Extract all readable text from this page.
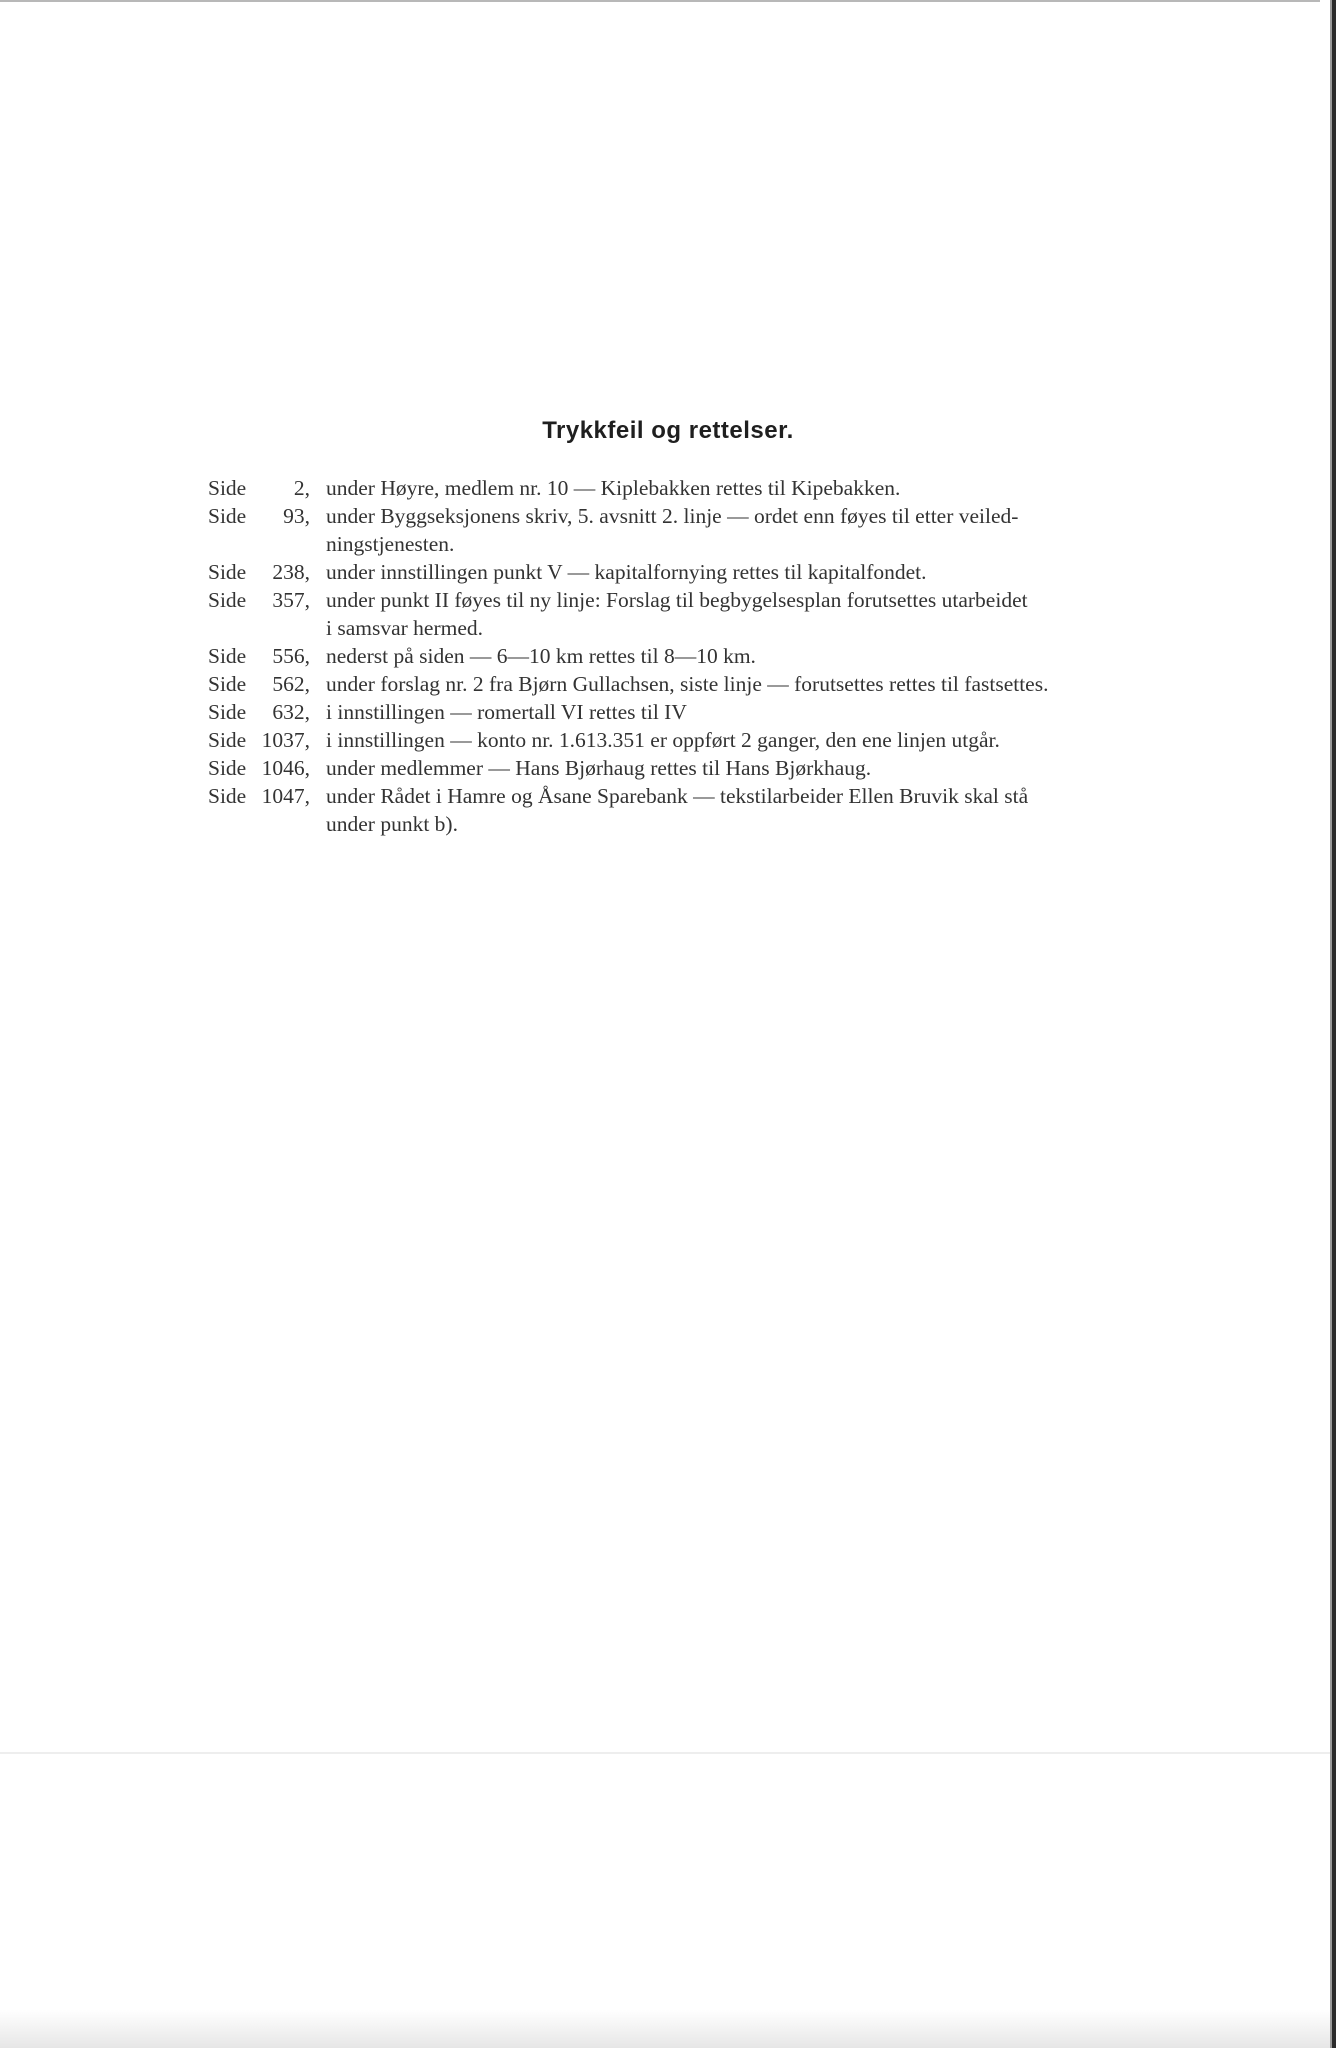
Trykkfeil og rettelser.
Side	2, under Høyre, medlem nr. 10 — Kiplebakken rettes til Kipebakken.
Side	93, under Byggseksjonens skriv, 5. avsnitt 2. linje — ordet enn føyes til etter veiled-
ningstjenesten.
Side	238, under innstillingen punkt V — kapitalfornying rettes til kapitalfondet.
Side	357, under punkt II føyes til ny linje: Forslag til begbygelsesplan forutsettes utarbeidet
i samsvar hermed.
Side	556, nederst på siden — 6—10 km rettes til 8—10 km.
Side	562, under forslag nr. 2 fra Bjørn Gullachsen, siste linje — forutsettes rettes til fastsettes.
Side	632, i innstillingen — romertall VI rettes til IV
Side 1037, i innstillingen — konto nr. 1.613.351 er oppført 2 ganger, den ene linjen utgår.
Side 1046, under medlemmer — Hans Bjørhaug rettes til Hans Bjørkhaug.
Side 1047, under Rådet i Hamre og Åsane Sparebank — tekstilarbeider Ellen Bruvik skal stå
under punkt b).
